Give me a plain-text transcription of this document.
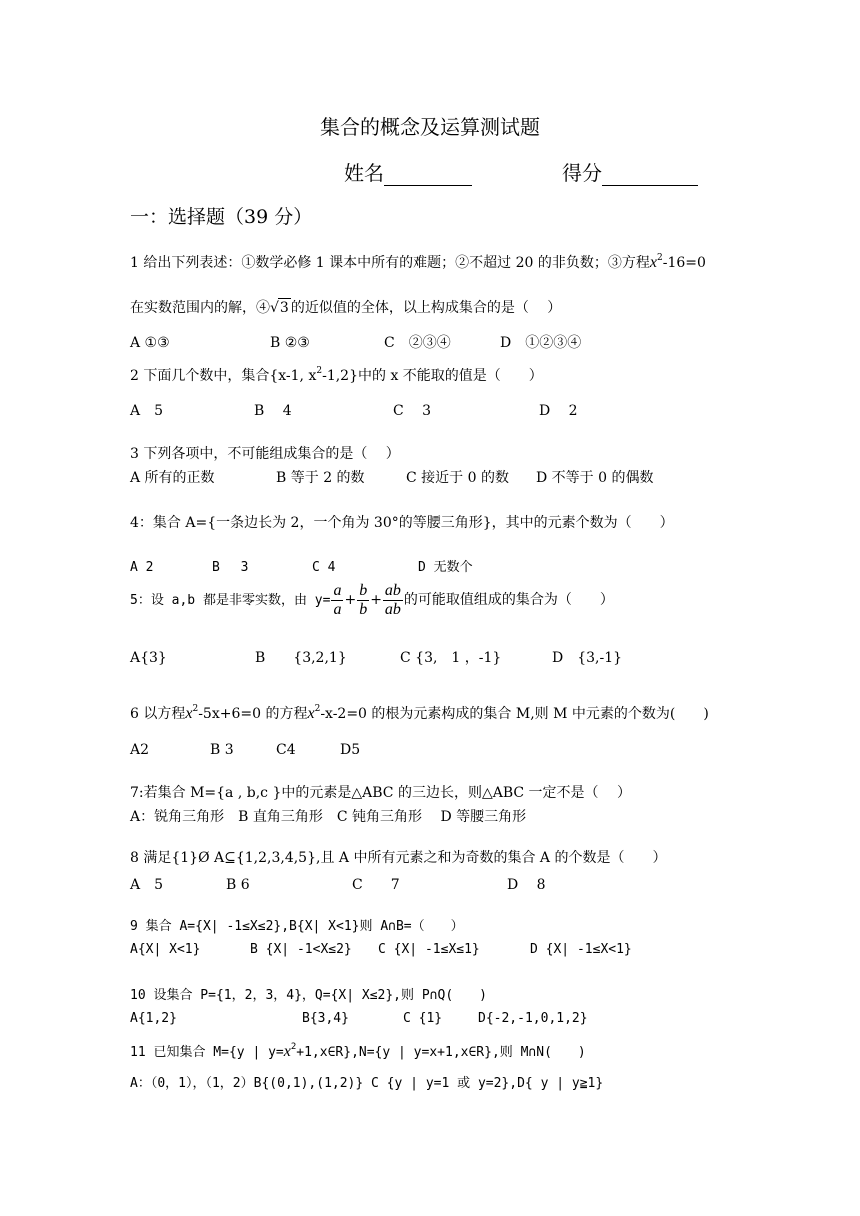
集合的概念及运算测试题
姓名	得分
一：选择题（39 分）
1 给出下列表述：①数学必修 1 课本中所有的难题；②不超过 20 的非负数；③方程$x^2-16=0$
在实数范围内的解，④√3 的近似值的全体，以上构成集合的是（　 ）
A ①③	B ②③	C　②③④	D　①②③④
2 下面几个数中，集合{x-1, $x^2-1,2$}中的 x 不能取的值是（　　）
A　5	B　 4	C　 3	D　 2
3 下列各项中，不可能组成集合的是（　 ）
A 所有的正数	B 等于 2 的数	C 接近于 0 的数 D 不等于 0 的偶数
4：集合 A={一条边长为 2，一个角为 30°的等腰三角形}，其中的元素个数为（　　）
A 2	B　 3	C 4	D 无数个
5：设 a,b 都是非零实数，由 $y= \frac{a}{a} + \frac{b}{b} + \frac{ab}{ab}$ 的可能取值组成的集合为（　　）
A{3}	B　　{3,2,1}	C {3,　1 ，-1}	D　{3,-1}
6 以方程$x^2-5x+6=0$ 的方程$x^2-x-2=0$ 的根为元素构成的集合 M,则 M 中元素的个数为(　　)
A2	B 3	C4	D5
7:若集合 M={a , b,c }中的元素是△ABC 的三边长，则△ABC 一定不是（　 ）
A：锐角三角形　B 直角三角形　C 钝角三角形　 D 等腰三角形
8 满足{1}Ø A⊆{1,2,3,4,5},且 A 中所有元素之和为奇数的集合 A 的个数是（　　）
A　5	B 6	C　　7	D　 8
9 集合 A={X| -1≤X≤2},B{X| X<1}则 A∩B=（　　）
A{X| X<1}	B {X| -1<X≤2} C {X| -1≤X≤1}	D {X| -1≤X<1}
10 设集合 P={1，2，3，4}，Q={X| X≤2},则 P∩Q(　　)
A{1,2}	B{3,4}	C {1}	D{-2,-1,0,1,2}
11 已知集合 M={y | $y=x^2+1,x\in R\},N=\{y$ | y=x+1,x∈R},则 M∩N(　　)
A：（0，1），（1，2）B{(0,1),(1,2)} C {y | y=1 或 y=2},D{ y | y≧1}
